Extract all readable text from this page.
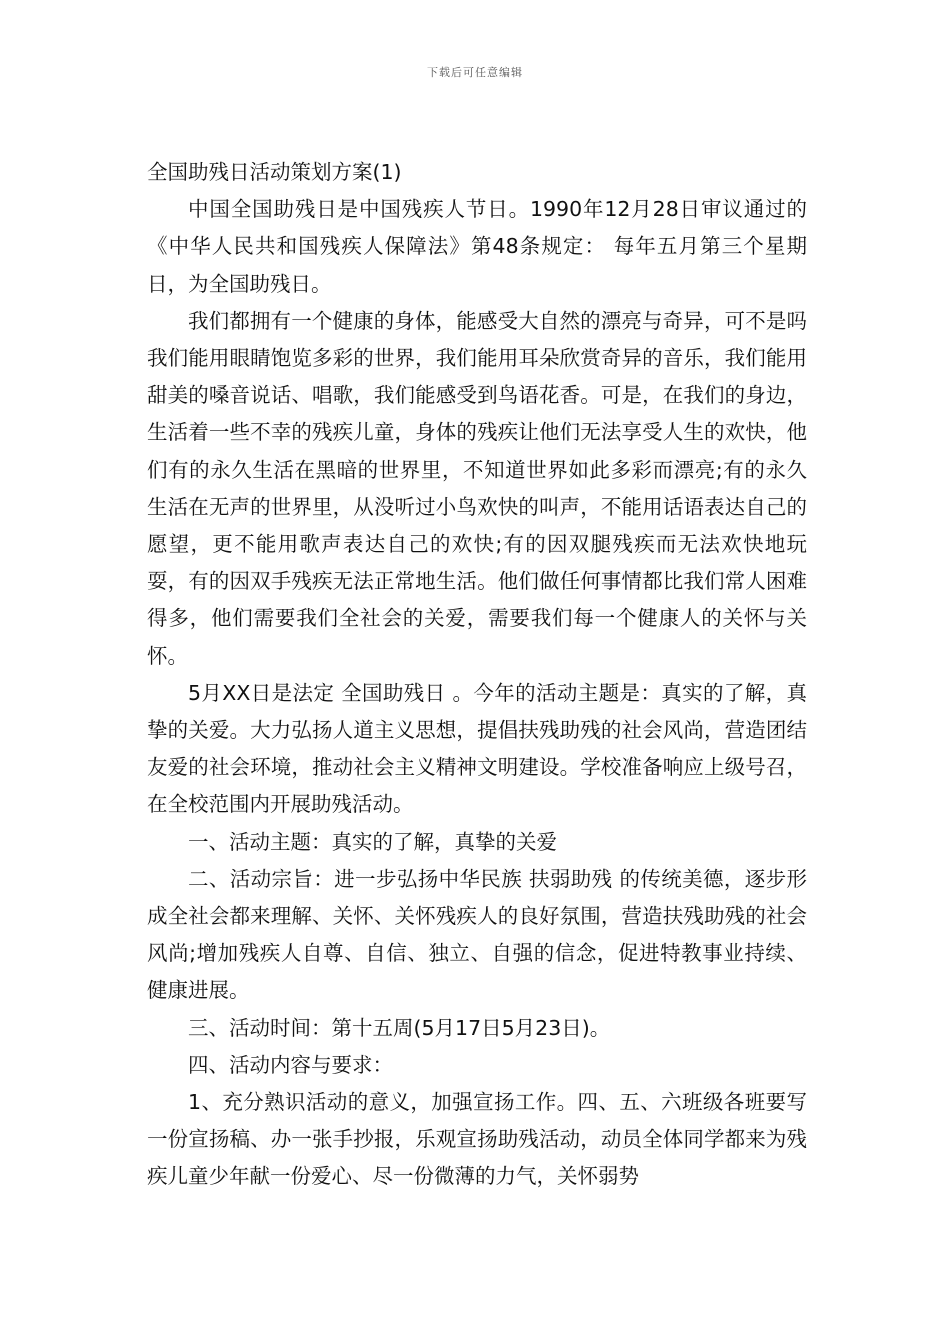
下载后可任意编辑
全国助残日活动策划方案(1)

中国全国助残日是中国残疾人节日。1990年12月28日审议通过的《中华人民共和国残疾人保障法》第48条规定： 每年五月第三个星期日，为全国助残日。

我们都拥有一个健康的身体，能感受大自然的漂亮与奇异，可不是吗我们能用眼睛饱览多彩的世界，我们能用耳朵欣赏奇异的音乐，我们能用甜美的嗓音说话、唱歌，我们能感受到鸟语花香。可是，在我们的身边，生活着一些不幸的残疾儿童，身体的残疾让他们无法享受人生的欢快，他们有的永久生活在黑暗的世界里，不知道世界如此多彩而漂亮;有的永久生活在无声的世界里，从没听过小鸟欢快的叫声，不能用话语表达自己的愿望，更不能用歌声表达自己的欢快;有的因双腿残疾而无法欢快地玩耍，有的因双手残疾无法正常地生活。他们做任何事情都比我们常人困难得多，他们需要我们全社会的关爱，需要我们每一个健康人的关怀与关怀。

5月XX日是法定 全国助残日 。今年的活动主题是：真实的了解，真挚的关爱。大力弘扬人道主义思想，提倡扶残助残的社会风尚，营造团结友爱的社会环境，推动社会主义精神文明建设。学校准备响应上级号召，在全校范围内开展助残活动。

一、活动主题：真实的了解，真挚的关爱

二、活动宗旨：进一步弘扬中华民族 扶弱助残 的传统美德，逐步形成全社会都来理解、关怀、关怀残疾人的良好氛围，营造扶残助残的社会风尚;增加残疾人自尊、自信、独立、自强的信念，促进特教事业持续、健康进展。

三、活动时间：第十五周(5月17日5月23日)。

四、活动内容与要求：

1、充分熟识活动的意义，加强宣扬工作。四、五、六班级各班要写一份宣扬稿、办一张手抄报，乐观宣扬助残活动，动员全体同学都来为残疾儿童少年献一份爱心、尽一份微薄的力气，关怀弱势
